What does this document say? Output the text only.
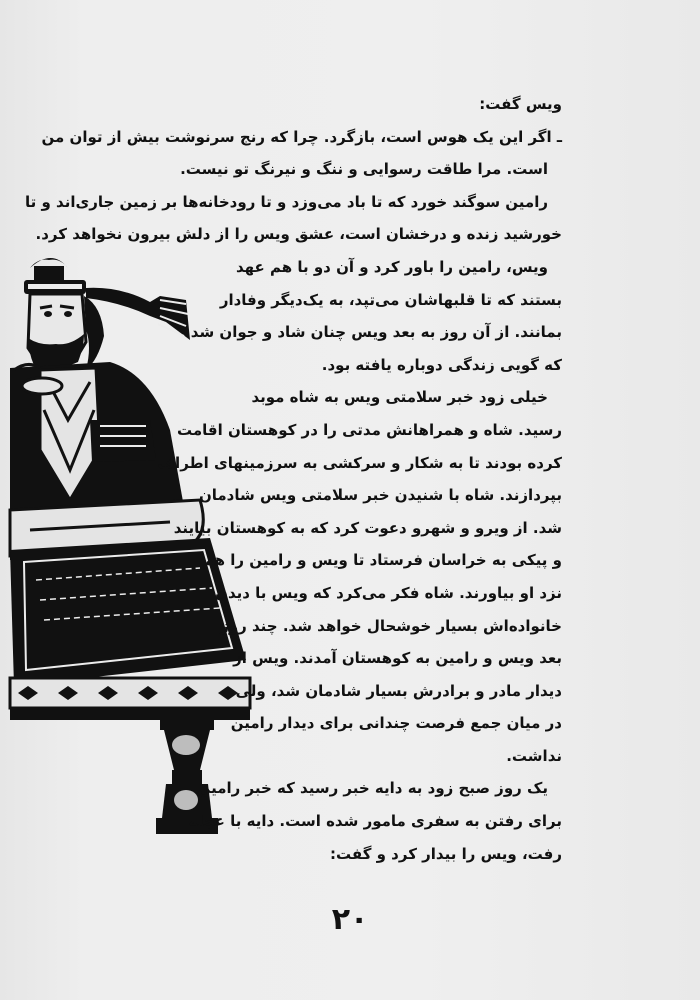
ویس گفت:
ـ اگر این یک هوس است، بازگرد. چرا که رنج سرنوشت بیش از توان من
است. مرا طاقت رسوایی و ننگ و نیرنگ تو نیست.
رامین سوگند خورد که تا باد می‌وزد و تا رودخانه‌ها بر زمین جاری‌اند و تا
خورشید زنده و درخشان است، عشق ویس را از دلش بیرون نخواهد کرد.
ویس، رامین را باور کرد و آن دو با هم عهد
بستند که تا قلبهاشان می‌تپد، به یک‌دیگر وفادار
بمانند. از آن روز به بعد ویس چنان شاد و جوان شد
که گویی زندگی دوباره یافته بود.
خیلی زود خبر سلامتی ویس به شاه موبد
رسید. شاه و همراهانش مدتی را در کوهستان اقامت
کرده بودند تا به شکار و سرکشی به سرزمینهای اطراف
بپردازند. شاه با شنیدن خبر سلامتی ویس شادمان
شد. از ویرو و شهرو دعوت کرد که به کوهستان بیایند
و پیکی به خراسان فرستاد تا ویس و رامین را هم
نزد او بیاورند. شاه فکر می‌کرد که ویس با دیدن
خانواده‌اش بسیار خوشحال خواهد شد. چند روز
بعد ویس و رامین به کوهستان آمدند. ویس از
دیدار مادر و برادرش بسیار شادمان شد، ولی
در میان جمع فرصت چندانی برای دیدار رامین
نداشت.
یک روز صبح زود به دایه خبر رسید که خبر رامین
برای رفتن به سفری مامور شده است. دایه با عجله
رفت، ویس را بیدار کرد و گفت:
۲۰
